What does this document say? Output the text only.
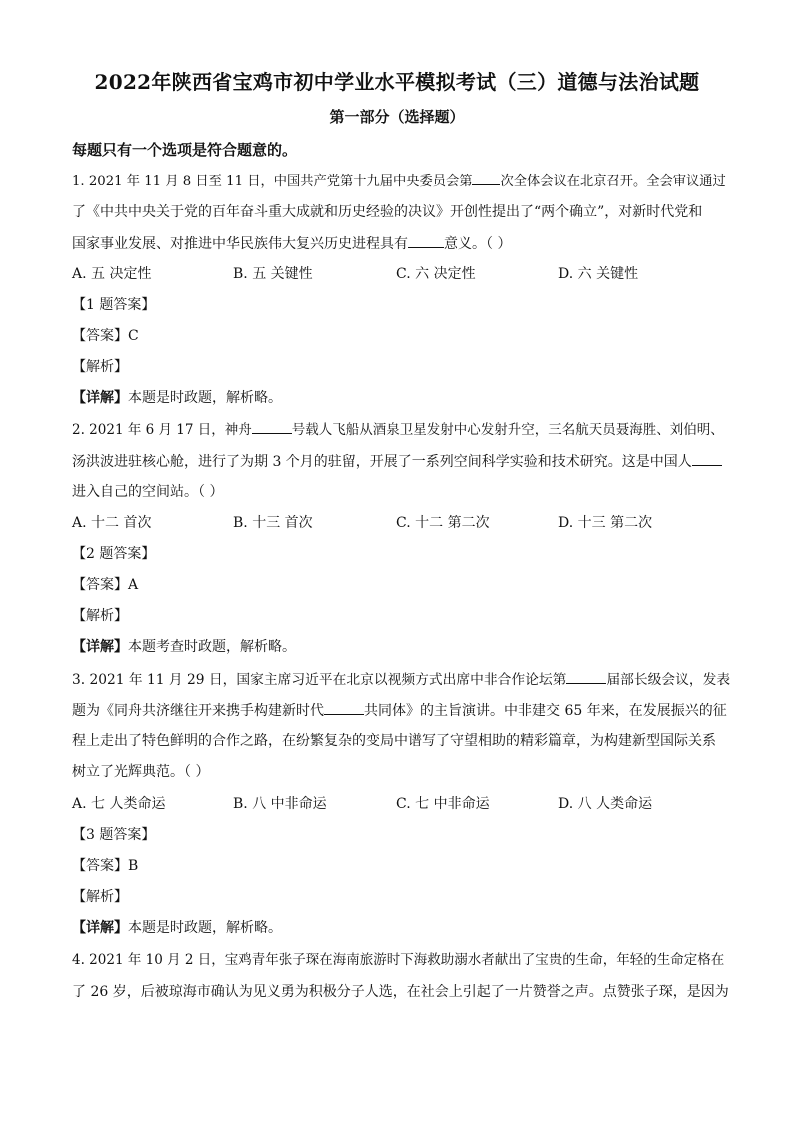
2022年陕西省宝鸡市初中学业水平模拟考试（三）道德与法治试题
第一部分（选择题）
每题只有一个选项是符合题意的。
1. 2021 年 11 月 8 日至 11 日，中国共产党第十九届中央委员会第 次全体会议在北京召开。全会审议通过
了《中共中央关于党的百年奋斗重大成就和历史经验的决议》开创性提出了“两个确立”，对新时代党和
国家事业发展、对推进中华民族伟大复兴历史进程具有	意义。（ ）
A. 五 决定性	B. 五 关键性	C. 六 决定性	D. 六 关键性
【1 题答案】
【答案】C
【解析】
【详解】本题是时政题，解析略。
2. 2021 年 6 月 17 日，神舟	号载人飞船从酒泉卫星发射中心发射升空，三名航天员聂海胜、刘伯明、
汤洪波进驻核心舱，进行了为期 3 个月的驻留，开展了一系列空间科学实验和技术研究。这是中国人
进入自己的空间站。（ ）
A. 十二 首次	B. 十三 首次	C. 十二 第二次	D. 十三 第二次
【2 题答案】
【答案】A
【解析】
【详解】本题考查时政题，解析略。
3. 2021 年 11 月 29 日，国家主席习近平在北京以视频方式出席中非合作论坛第	届部长级会议，发表
题为《同舟共济继往开来携手构建新时代	共同体》的主旨演讲。中非建交 65 年来，在发展振兴的征
程上走出了特色鲜明的合作之路，在纷繁复杂的变局中谱写了守望相助的精彩篇章，为构建新型国际关系
树立了光辉典范。（ ）
A. 七 人类命运	B. 八 中非命运	C. 七 中非命运	D. 八 人类命运
【3 题答案】
【答案】B
【解析】
【详解】本题是时政题，解析略。
4. 2021 年 10 月 2 日，宝鸡青年张子琛在海南旅游时下海救助溺水者献出了宝贵的生命，年轻的生命定格在
了 26 岁，后被琼海市确认为见义勇为积极分子人选，在社会上引起了一片赞誉之声。点赞张子琛，是因为
